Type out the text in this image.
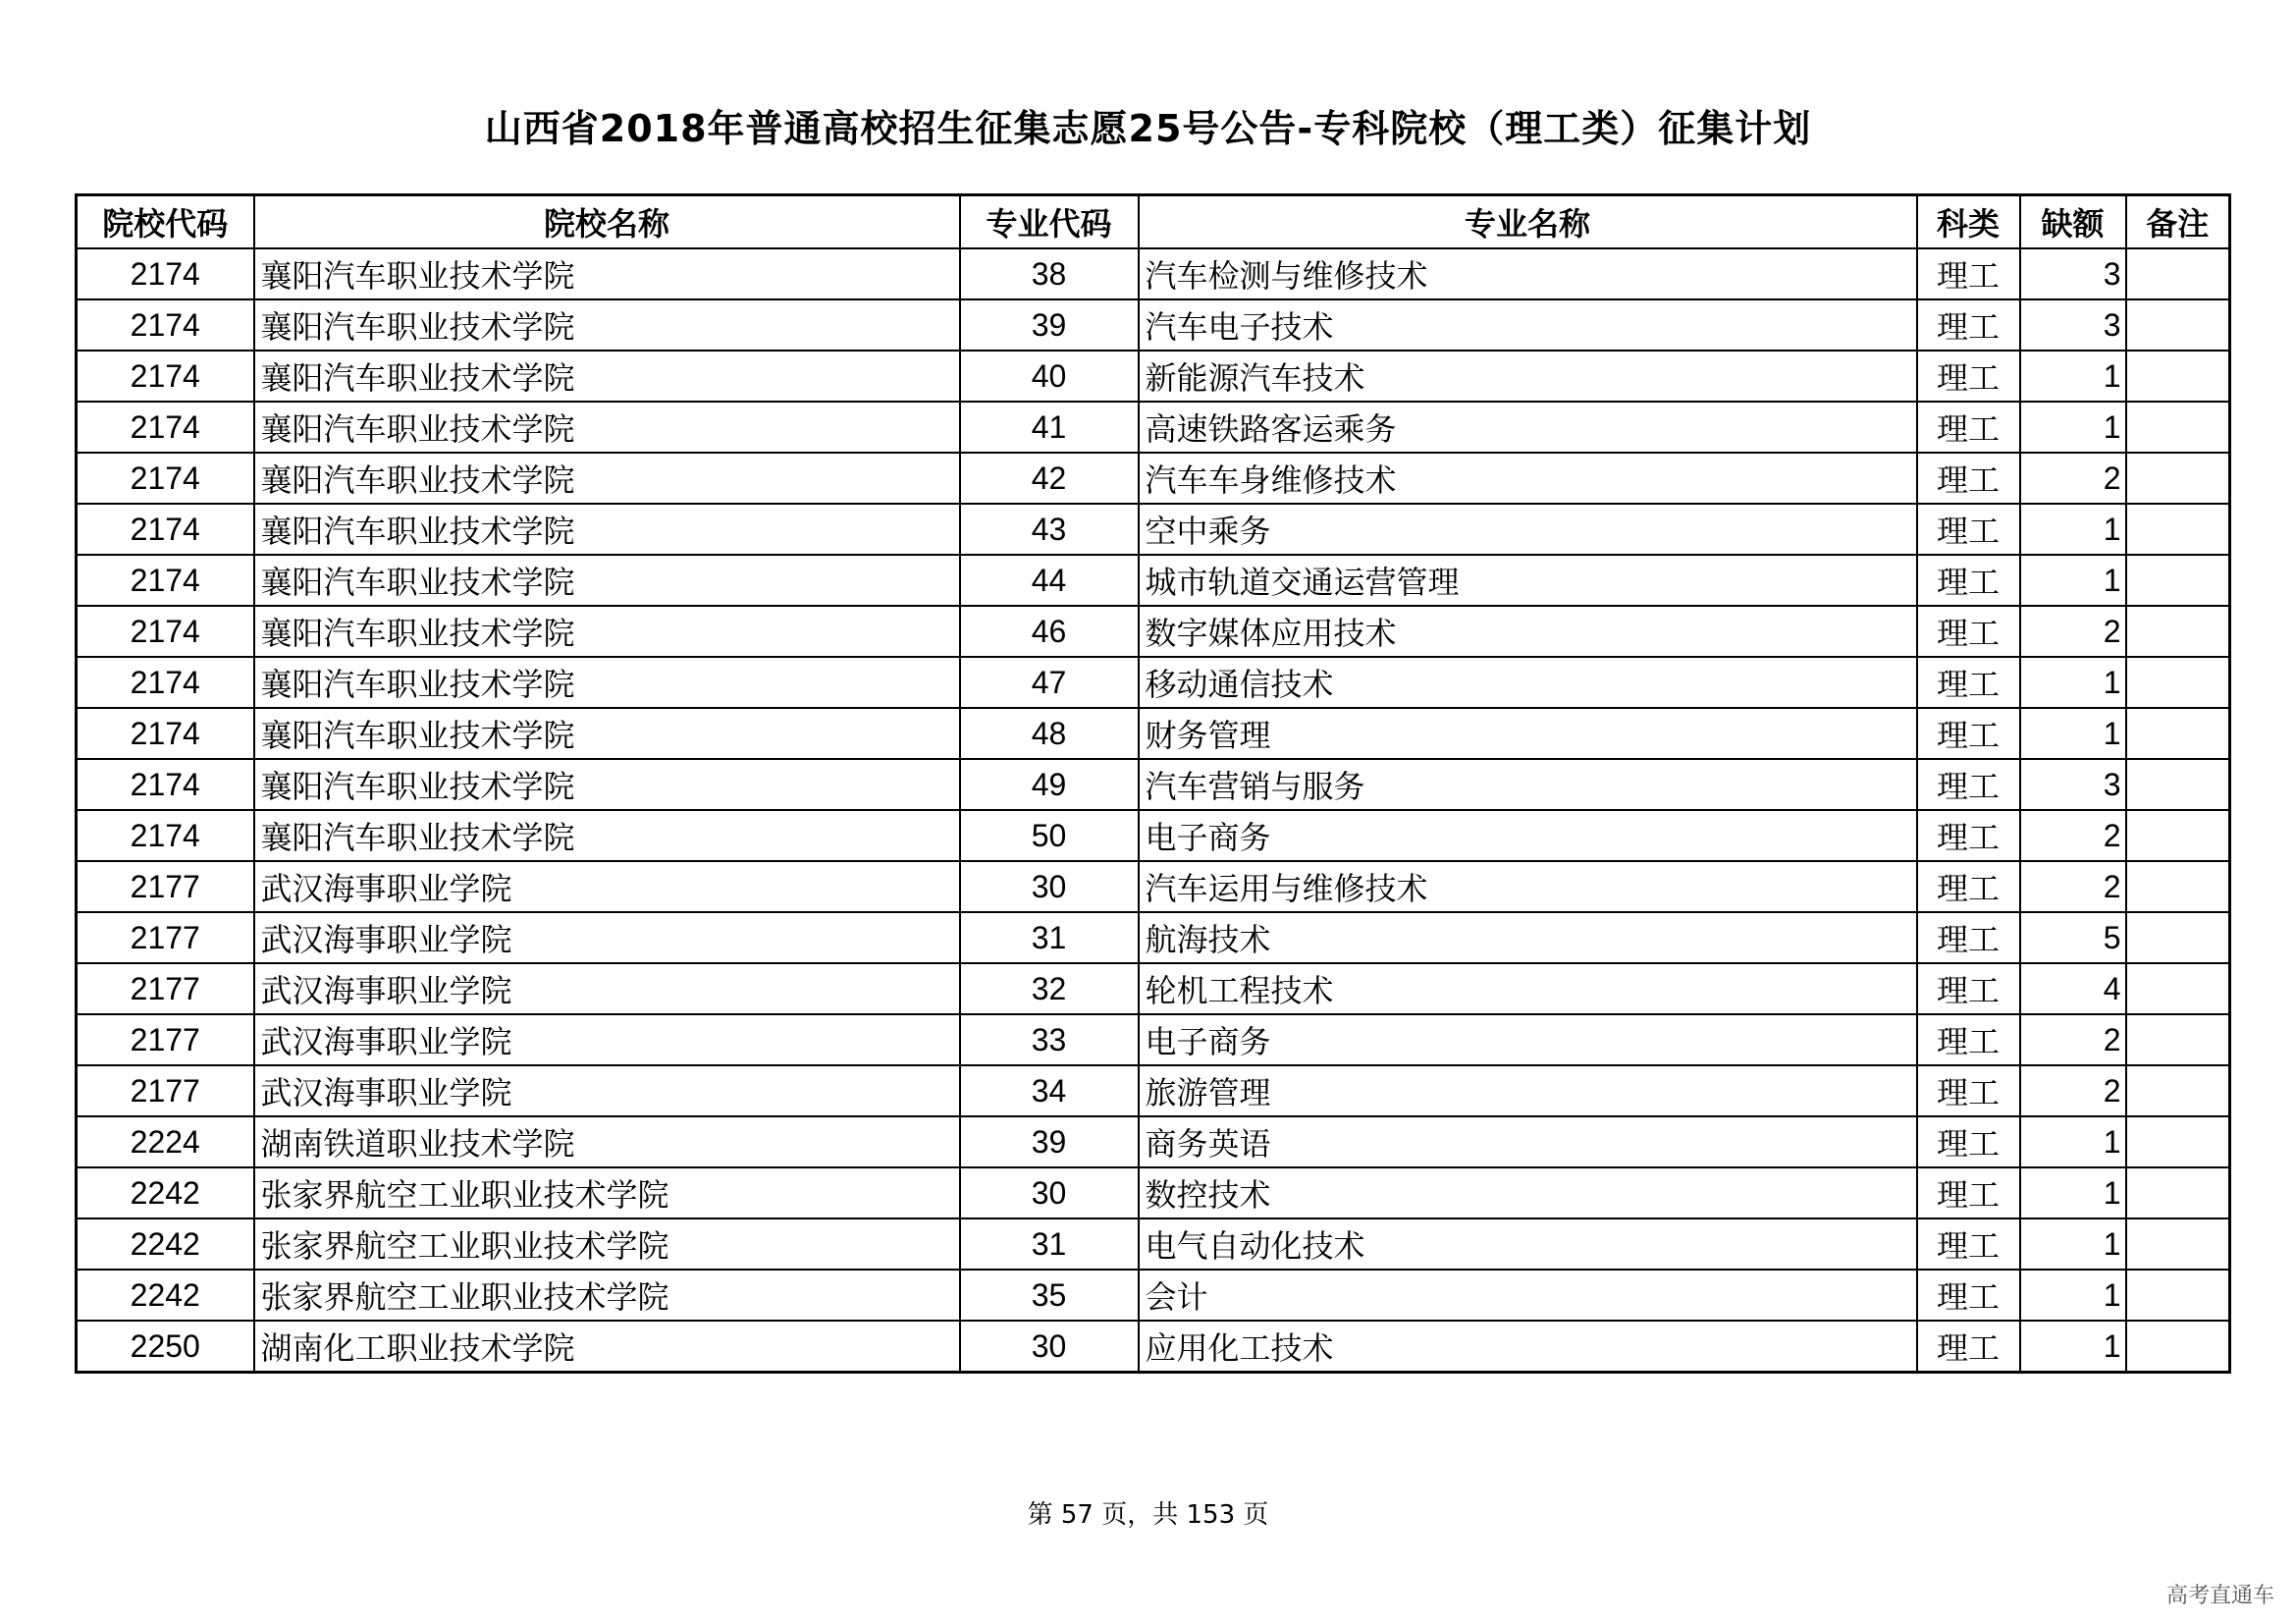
山西省2018年普通高校招生征集志愿25号公告-专科院校（理工类）征集计划
院校代码	院校名称	专业代码	专业名称	科类	缺额	备注
2174	襄阳汽车职业技术学院	38	汽车检测与维修技术	理工	3	
2174	襄阳汽车职业技术学院	39	汽车电子技术	理工	3	
2174	襄阳汽车职业技术学院	40	新能源汽车技术	理工	1	
2174	襄阳汽车职业技术学院	41	高速铁路客运乘务	理工	1	
2174	襄阳汽车职业技术学院	42	汽车车身维修技术	理工	2	
2174	襄阳汽车职业技术学院	43	空中乘务	理工	1	
2174	襄阳汽车职业技术学院	44	城市轨道交通运营管理	理工	1	
2174	襄阳汽车职业技术学院	46	数字媒体应用技术	理工	2	
2174	襄阳汽车职业技术学院	47	移动通信技术	理工	1	
2174	襄阳汽车职业技术学院	48	财务管理	理工	1	
2174	襄阳汽车职业技术学院	49	汽车营销与服务	理工	3	
2174	襄阳汽车职业技术学院	50	电子商务	理工	2	
2177	武汉海事职业学院	30	汽车运用与维修技术	理工	2	
2177	武汉海事职业学院	31	航海技术	理工	5	
2177	武汉海事职业学院	32	轮机工程技术	理工	4	
2177	武汉海事职业学院	33	电子商务	理工	2	
2177	武汉海事职业学院	34	旅游管理	理工	2	
2224	湖南铁道职业技术学院	39	商务英语	理工	1	
2242	张家界航空工业职业技术学院	30	数控技术	理工	1	
2242	张家界航空工业职业技术学院	31	电气自动化技术	理工	1	
2242	张家界航空工业职业技术学院	35	会计	理工	1	
2250	湖南化工职业技术学院	30	应用化工技术	理工	1	
第 57 页，共 153 页
高考直通车
